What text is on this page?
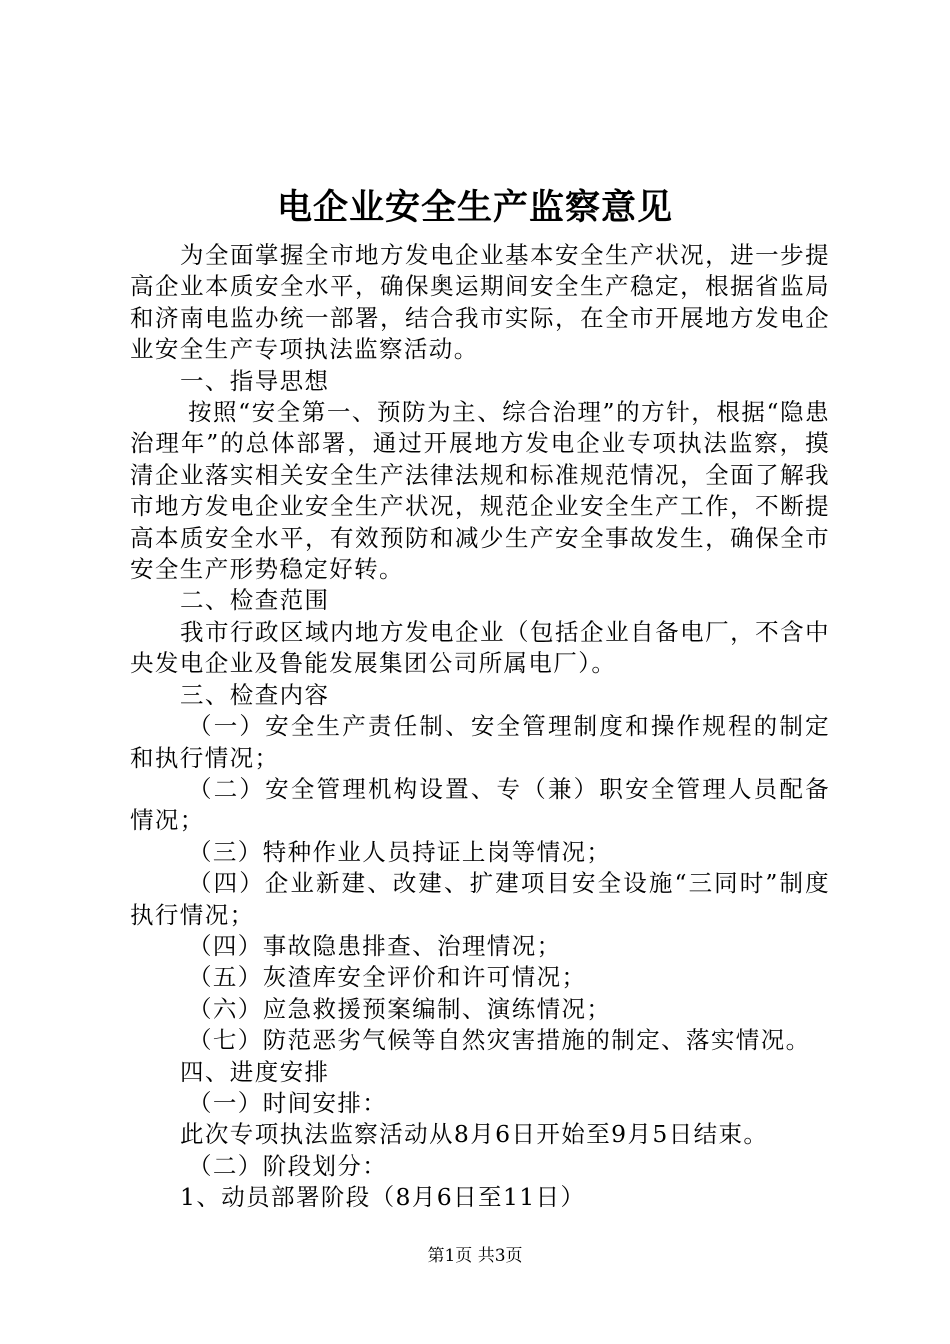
电企业安全生产监察意见

为全面掌握全市地方发电企业基本安全生产状况，进一步提高企业本质安全水平，确保奥运期间安全生产稳定，根据省监局和济南电监办统一部署，结合我市实际，在全市开展地方发电企业安全生产专项执法监察活动。

一、指导思想

按照“安全第一、预防为主、综合治理”的方针，根据“隐患治理年”的总体部署，通过开展地方发电企业专项执法监察，摸清企业落实相关安全生产法律法规和标准规范情况，全面了解我市地方发电企业安全生产状况，规范企业安全生产工作，不断提高本质安全水平，有效预防和减少生产安全事故发生，确保全市安全生产形势稳定好转。

二、检查范围

我市行政区域内地方发电企业（包括企业自备电厂，不含中央发电企业及鲁能发展集团公司所属电厂）。

三、检查内容

（一）安全生产责任制、安全管理制度和操作规程的制定和执行情况；

（二）安全管理机构设置、专（兼）职安全管理人员配备情况；

（三）特种作业人员持证上岗等情况；

（四）企业新建、改建、扩建项目安全设施“三同时”制度执行情况；

（四）事故隐患排查、治理情况；

（五）灰渣库安全评价和许可情况；

（六）应急救援预案编制、演练情况；

（七）防范恶劣气候等自然灾害措施的制定、落实情况。

四、进度安排

（一）时间安排：

此次专项执法监察活动从8月6日开始至9月5日结束。

（二）阶段划分：

1、动员部署阶段（8月6日至11日）

第1页 共3页
